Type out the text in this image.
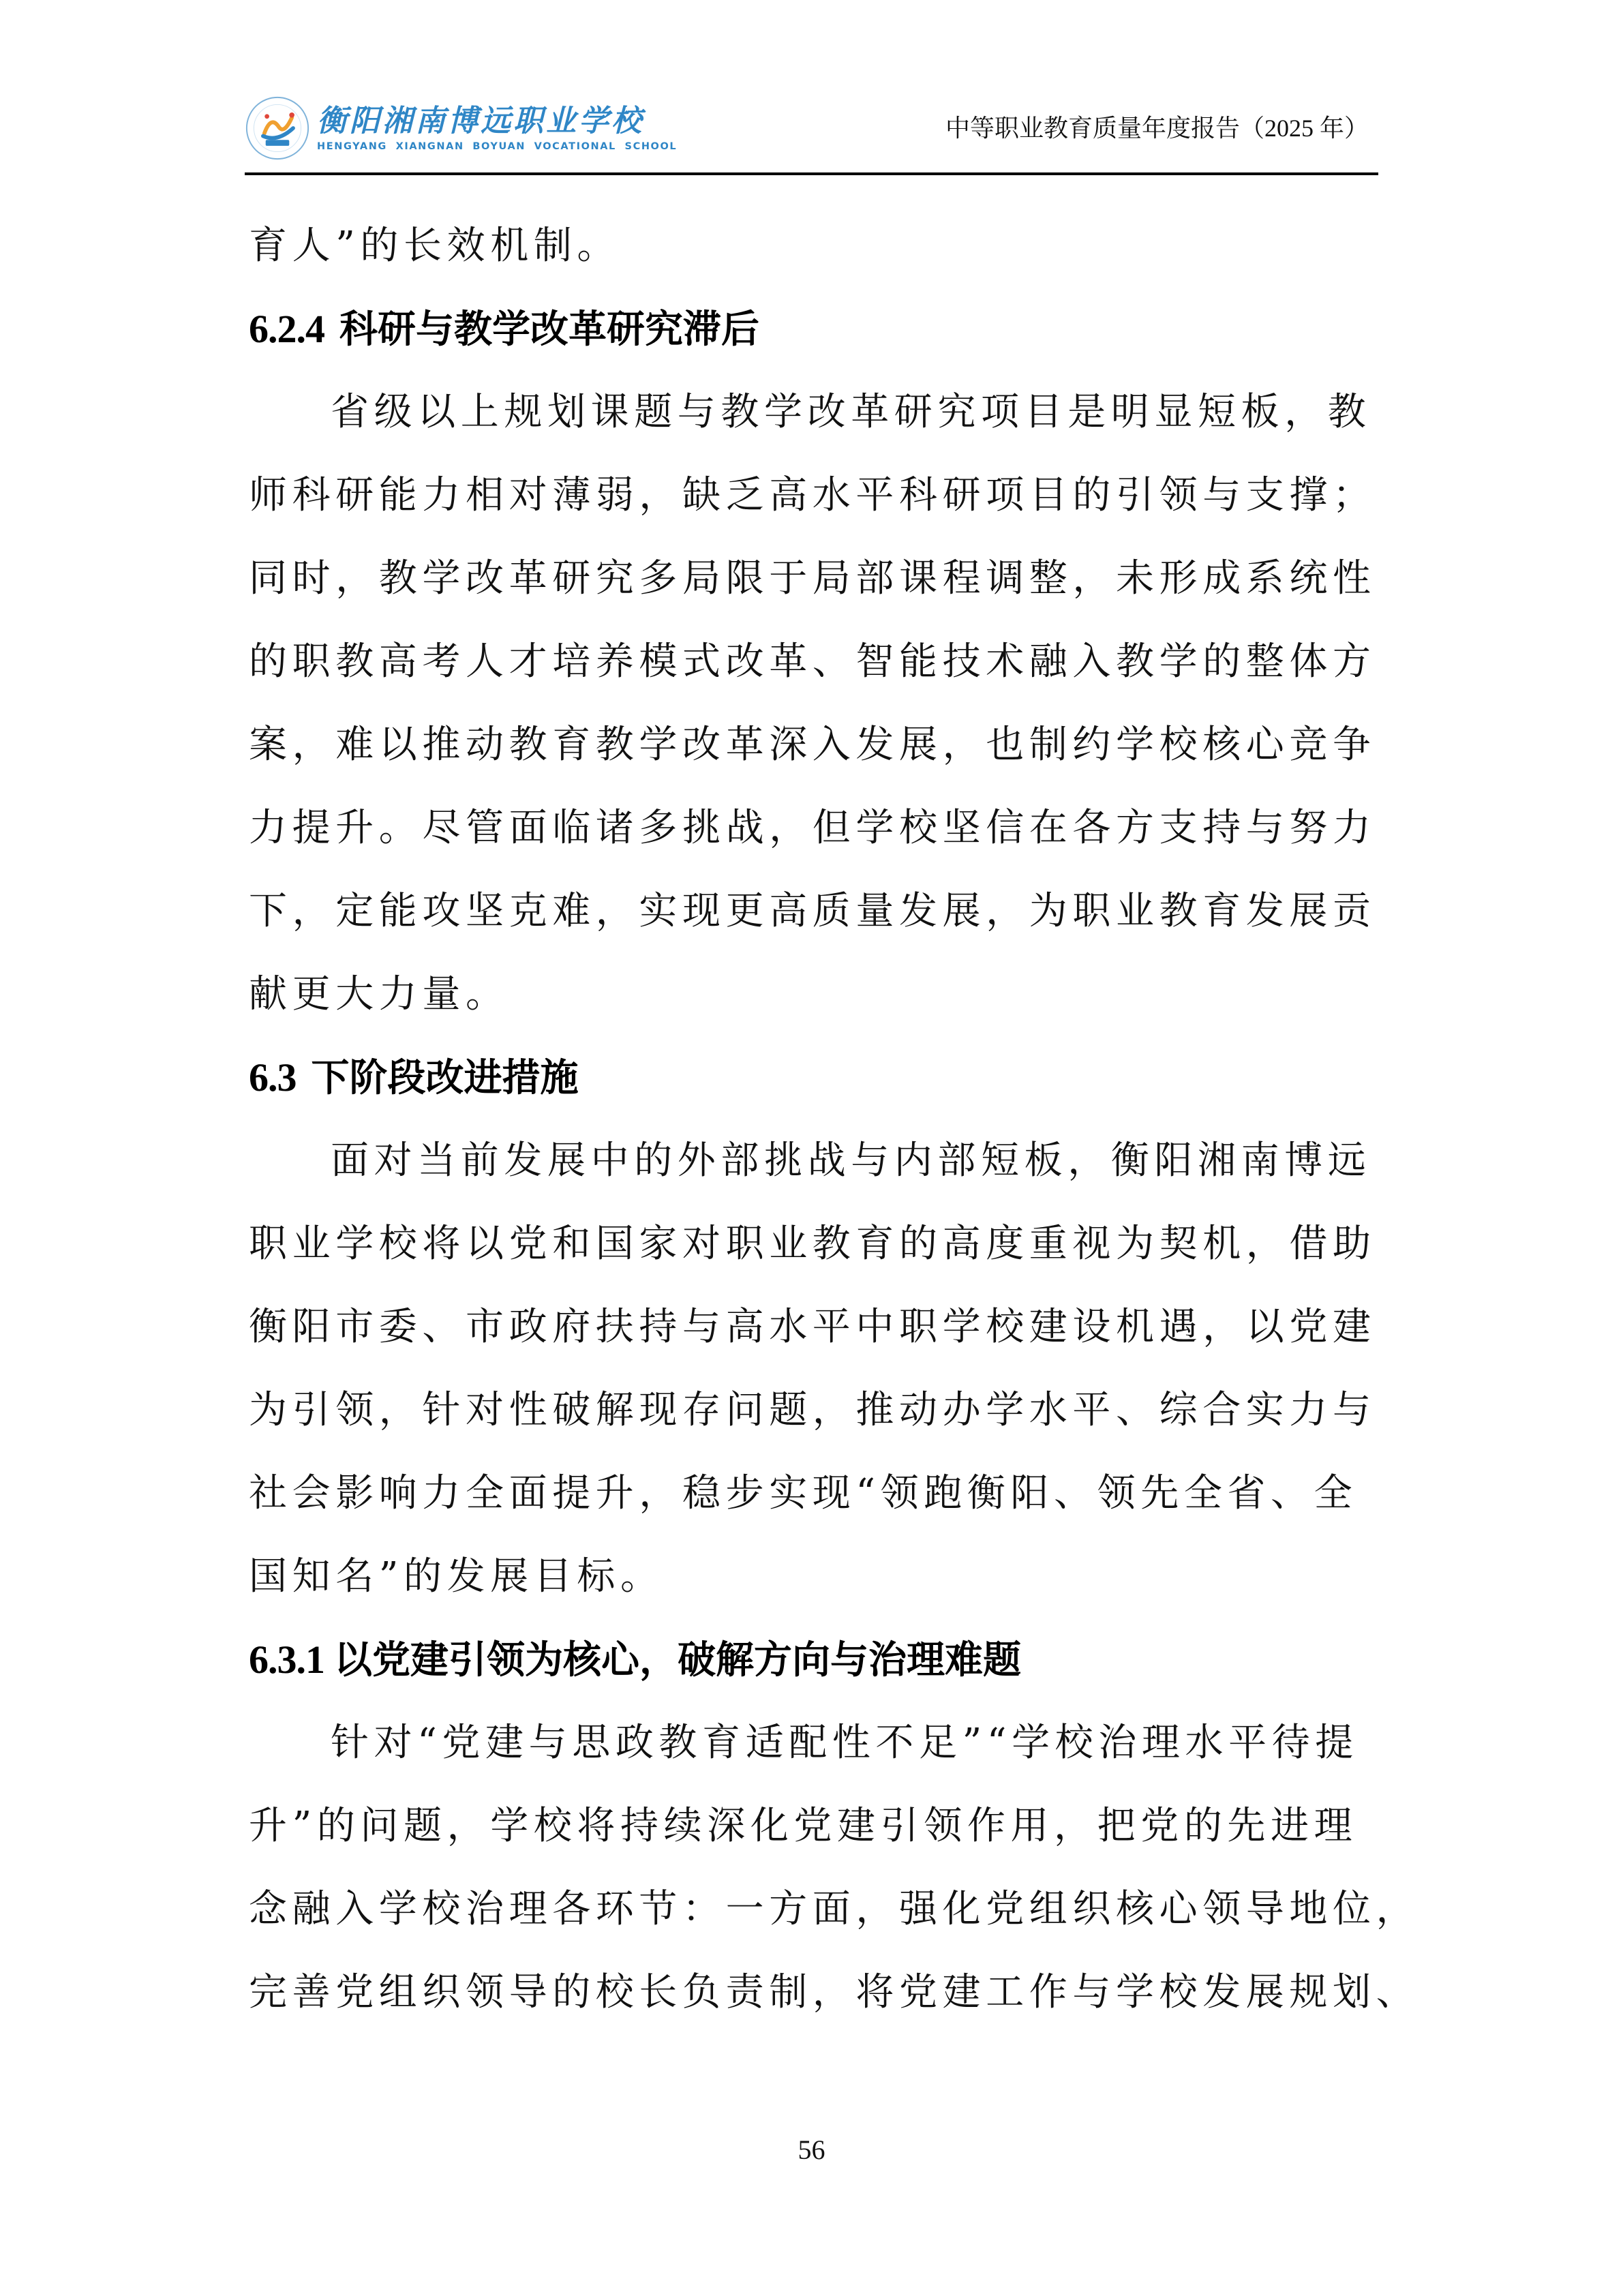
衡阳湘南博远职业学校
HENGYANG XIANGNAN BOYUAN VOCATIONAL SCHOOL
中等职业教育质量年度报告（2025 年）
育人”的长效机制。
6.2.4 科研与教学改革研究滞后
省级以上规划课题与教学改革研究项目是明显短板，教
师科研能力相对薄弱，缺乏高水平科研项目的引领与支撑；
同时，教学改革研究多局限于局部课程调整，未形成系统性
的职教高考人才培养模式改革、智能技术融入教学的整体方
案，难以推动教育教学改革深入发展，也制约学校核心竞争
力提升。尽管面临诸多挑战，但学校坚信在各方支持与努力
下，定能攻坚克难，实现更高质量发展，为职业教育发展贡
献更大力量。
6.3 下阶段改进措施
面对当前发展中的外部挑战与内部短板，衡阳湘南博远
职业学校将以党和国家对职业教育的高度重视为契机，借助
衡阳市委、市政府扶持与高水平中职学校建设机遇，以党建
为引领，针对性破解现存问题，推动办学水平、综合实力与
社会影响力全面提升，稳步实现“领跑衡阳、领先全省、全
国知名”的发展目标。
6.3.1 以党建引领为核心，破解方向与治理难题
针对“党建与思政教育适配性不足”“学校治理水平待提
升”的问题，学校将持续深化党建引领作用，把党的先进理
念融入学校治理各环节：一方面，强化党组织核心领导地位，
完善党组织领导的校长负责制，将党建工作与学校发展规划、
56
